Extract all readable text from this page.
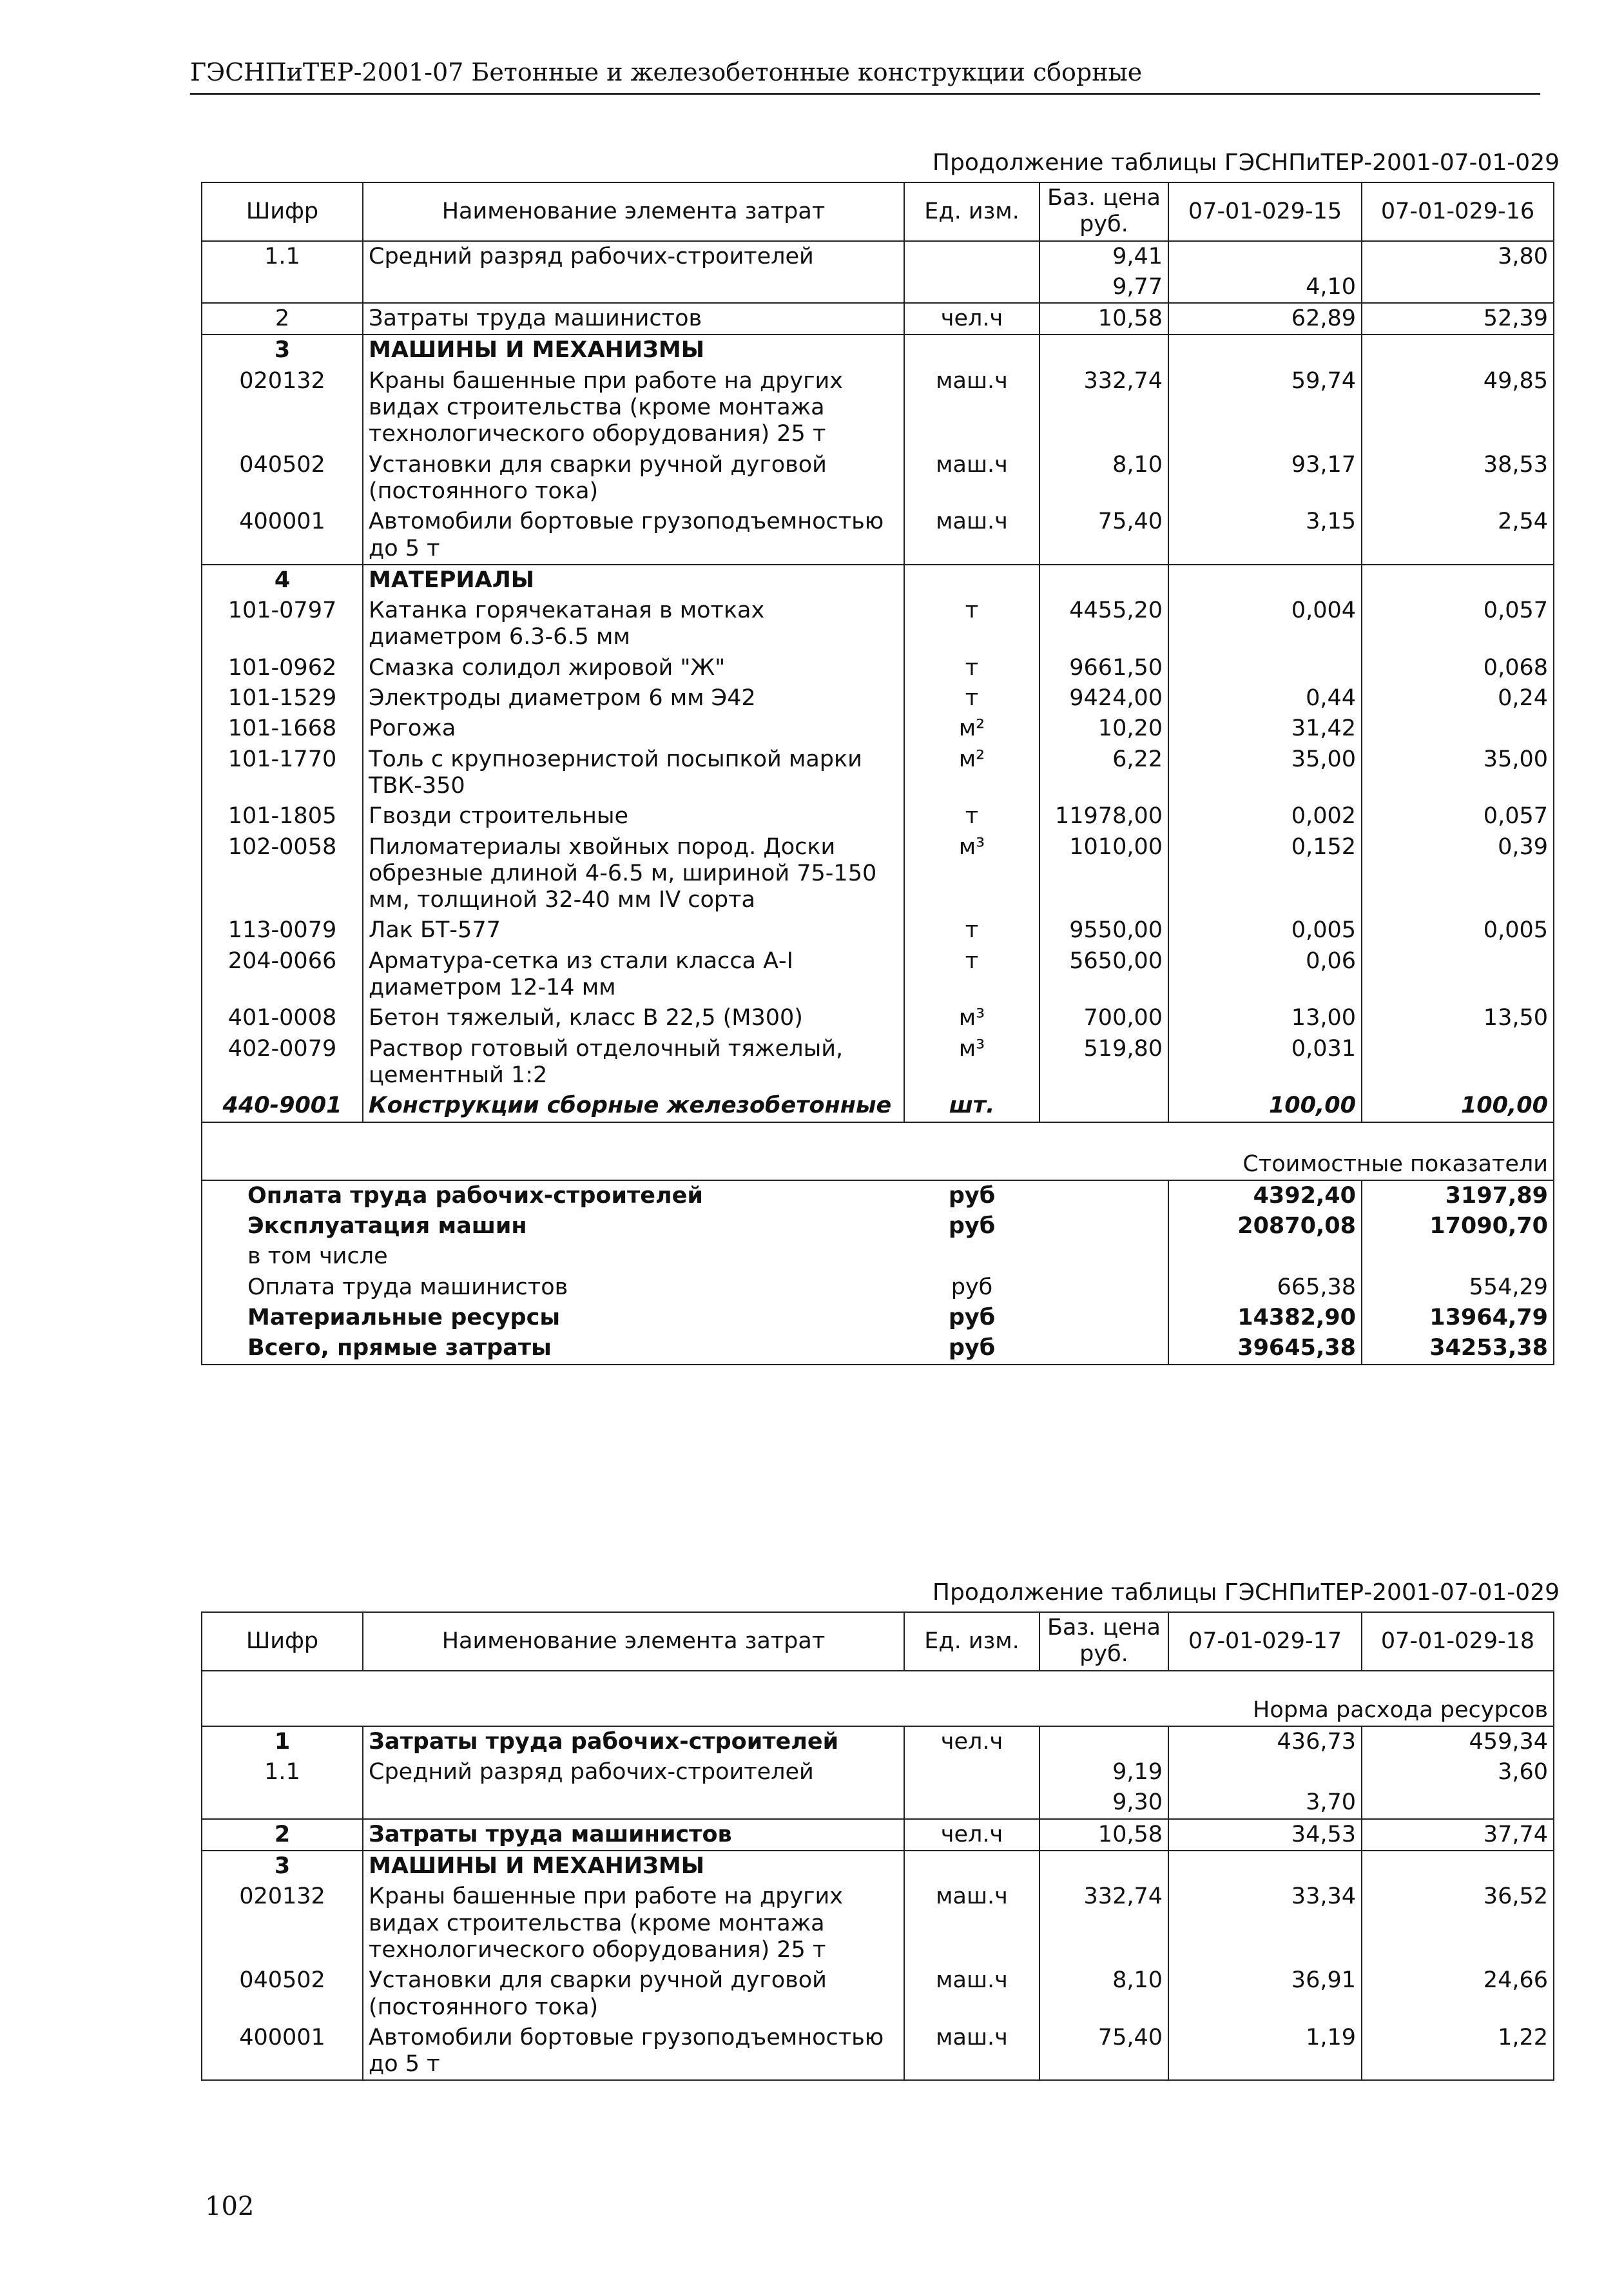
ГЭСНПиТЕР-2001-07 Бетонные и железобетонные конструкции сборные
Продолжение таблицы ГЭСНПиТЕР-2001-07-01-029
Шифр	Наименование элемента затрат	Ед. изм.	Баз. цена руб.	07-01-029-15	07-01-029-16
1.1	Средний разряд рабочих-строителей		9,41		3,80
			9,77	4,10	
2	Затраты труда машинистов	чел.ч	10,58	62,89	52,39
3	МАШИНЫ И МЕХАНИЗМЫ				
020132	Краны башенные при работе на других видах строительства (кроме монтажа технологического оборудования) 25 т	маш.ч	332,74	59,74	49,85
040502	Установки для сварки ручной дуговой (постоянного тока)	маш.ч	8,10	93,17	38,53
400001	Автомобили бортовые грузоподъемностью до 5 т	маш.ч	75,40	3,15	2,54
4	МАТЕРИАЛЫ				
101-0797	Катанка горячекатаная в мотках диаметром 6.3-6.5 мм	т	4455,20	0,004	0,057
101-0962	Смазка солидол жировой "Ж"	т	9661,50		0,068
101-1529	Электроды диаметром 6 мм Э42	т	9424,00	0,44	0,24
101-1668	Рогожа	м²	10,20	31,42	
101-1770	Толь с крупнозернистой посыпкой марки ТВК-350	м²	6,22	35,00	35,00
101-1805	Гвозди строительные	т	11978,00	0,002	0,057
102-0058	Пиломатериалы хвойных пород. Доски обрезные длиной 4-6.5 м, шириной 75-150 мм, толщиной 32-40 мм IV сорта	м³	1010,00	0,152	0,39
113-0079	Лак БТ-577	т	9550,00	0,005	0,005
204-0066	Арматура-сетка из стали класса А-I диаметром 12-14 мм	т	5650,00	0,06	
401-0008	Бетон тяжелый, класс В 22,5 (М300)	м³	700,00	13,00	13,50
402-0079	Раствор готовый отделочный тяжелый, цементный 1:2	м³	519,80	0,031	
440-9001	Конструкции сборные железобетонные	шт.		100,00	100,00
Стоимостные показатели					
Оплата труда рабочих-строителей		руб		4392,40	3197,89
Эксплуатация машин		руб		20870,08	17090,70
в том числе					
Оплата труда машинистов		руб		665,38	554,29
Материальные ресурсы		руб		14382,90	13964,79
Всего, прямые затраты		руб		39645,38	34253,38
Продолжение таблицы ГЭСНПиТЕР-2001-07-01-029
Шифр	Наименование элемента затрат	Ед. изм.	Баз. цена руб.	07-01-029-17	07-01-029-18
Норма расхода ресурсов					
1	Затраты труда рабочих-строителей	чел.ч		436,73	459,34
1.1	Средний разряд рабочих-строителей		9,19		3,60
			9,30	3,70	
2	Затраты труда машинистов	чел.ч	10,58	34,53	37,74
3	МАШИНЫ И МЕХАНИЗМЫ				
020132	Краны башенные при работе на других видах строительства (кроме монтажа технологического оборудования) 25 т	маш.ч	332,74	33,34	36,52
040502	Установки для сварки ручной дуговой (постоянного тока)	маш.ч	8,10	36,91	24,66
400001	Автомобили бортовые грузоподъемностью до 5 т	маш.ч	75,40	1,19	1,22
102
